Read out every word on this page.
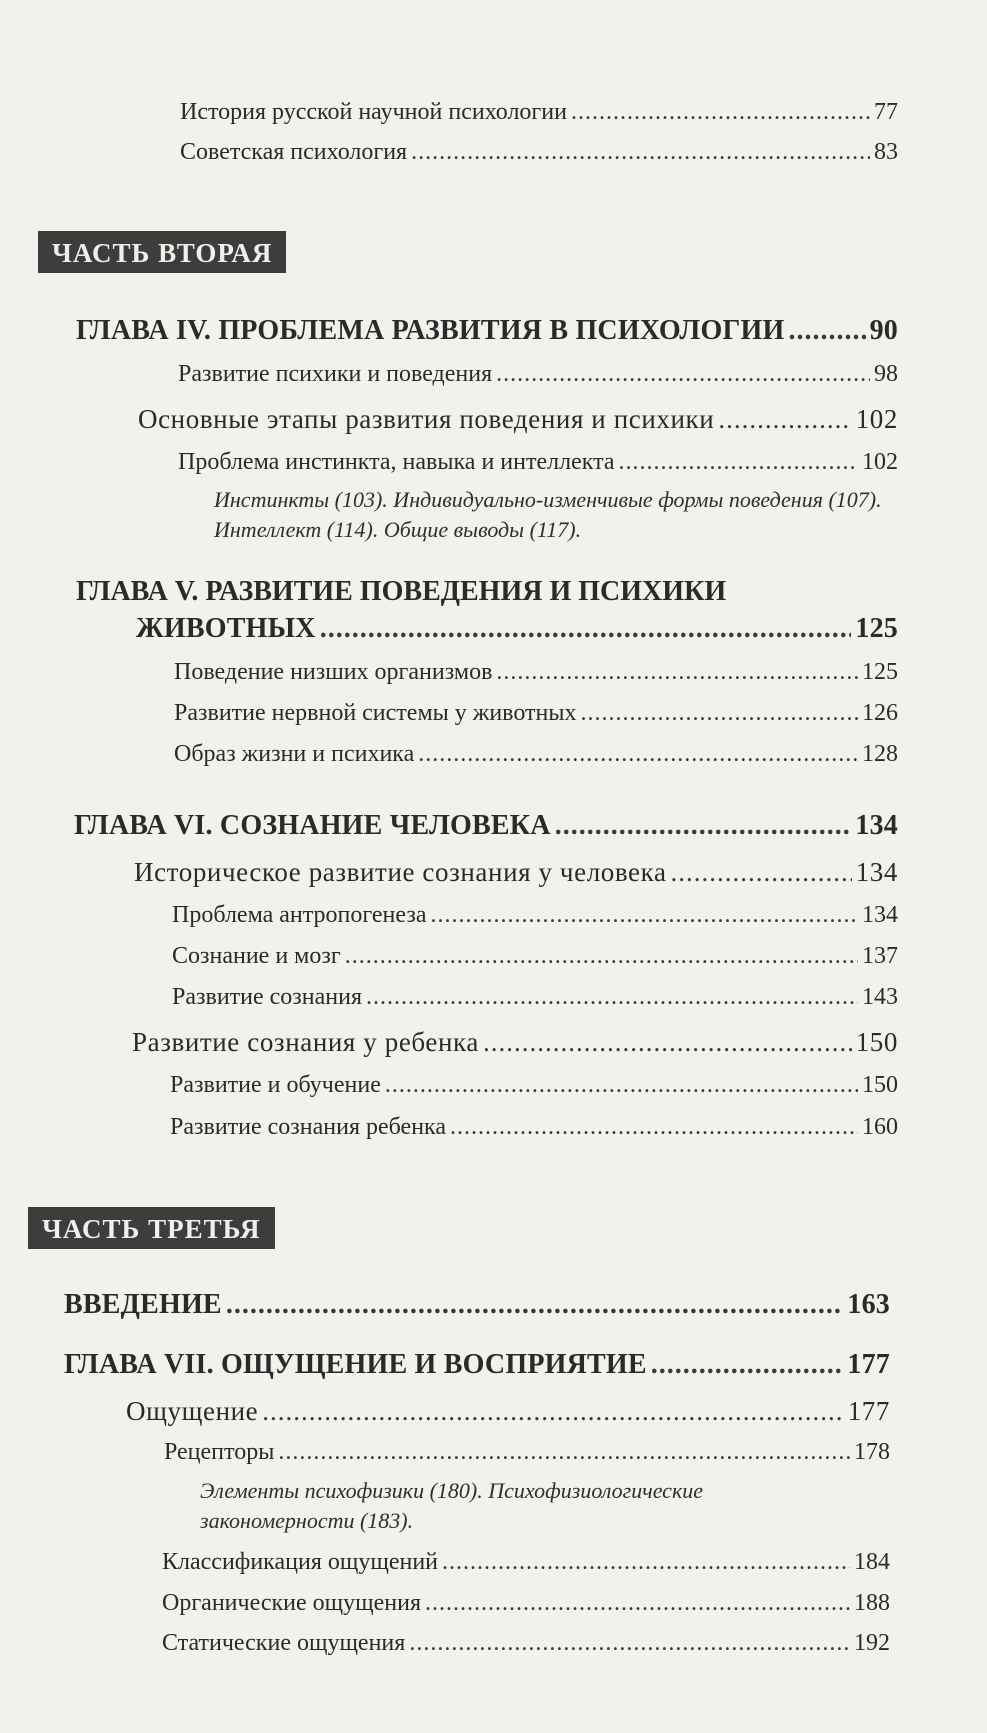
История русской научной психологии .....	77
Советская психология .....	83
ЧАСТЬ ВТОРАЯ
ГЛАВА IV. ПРОБЛЕМА РАЗВИТИЯ В ПСИХОЛОГИИ .....	90
Развитие психики и поведения .....	98
Основные этапы развития поведения и психики .....	102
Проблема инстинкта, навыка и интеллекта .....	102
Инстинкты (103). Индивидуально-изменчивые формы поведения (107). Интеллект (114). Общие выводы (117).
ГЛАВА V. РАЗВИТИЕ ПОВЕДЕНИЯ И ПСИХИКИ
ЖИВОТНЫХ .....	125
Поведение низших организмов .....	125
Развитие нервной системы у животных .....	126
Образ жизни и психика .....	128
ГЛАВА VI. СОЗНАНИЕ ЧЕЛОВЕКА .....	134
Историческое развитие сознания у человека .....	134
Проблема антропогенеза .....	134
Сознание и мозг .....	137
Развитие сознания .....	143
Развитие сознания у ребенка .....	150
Развитие и обучение .....	150
Развитие сознания ребенка .....	160
ЧАСТЬ ТРЕТЬЯ
ВВЕДЕНИЕ .....	163
ГЛАВА VII. ОЩУЩЕНИЕ И ВОСПРИЯТИЕ .....	177
Ощущение .....	177
Рецепторы .....	178
Элементы психофизики (180). Психофизиологические закономерности (183).
Классификация ощущений .....	184
Органические ощущения .....	188
Статические ощущения .....	192
